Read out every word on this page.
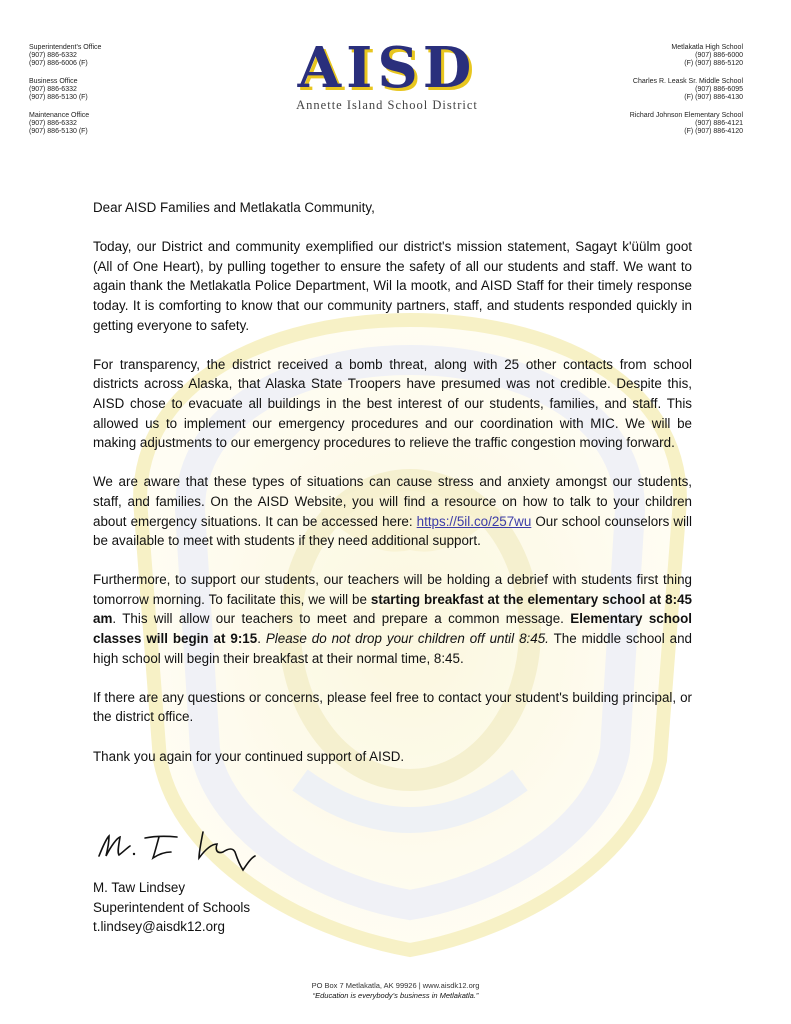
Superintendent's Office
(907) 886-6332
(907) 886-6006 (F)
Business Office
(907) 886-6332
(907) 886-5130 (F)
Maintenance Office
(907) 886-6332
(907) 886-5130 (F)
AISD
Annette Island School District
Metlakatla High School
(907) 886-6000
(F) (907) 886-5120
Charles R. Leask Sr. Middle School
(907) 886-6095
(F) (907) 886-4130
Richard Johnson Elementary School
(907) 886-4121
(F) (907) 886-4120

Dear AISD Families and Metlakatla Community,

Today, our District and community exemplified our district's mission statement, Sagayt k'üülm goot (All of One Heart), by pulling together to ensure the safety of all our students and staff. We want to again thank the Metlakatla Police Department, Wil la mootk, and AISD Staff for their timely response today. It is comforting to know that our community partners, staff, and students responded quickly in getting everyone to safety.

For transparency, the district received a bomb threat, along with 25 other contacts from school districts across Alaska, that Alaska State Troopers have presumed was not credible. Despite this, AISD chose to evacuate all buildings in the best interest of our students, families, and staff. This allowed us to implement our emergency procedures and our coordination with MIC. We will be making adjustments to our emergency procedures to relieve the traffic congestion moving forward.

We are aware that these types of situations can cause stress and anxiety amongst our students, staff, and families. On the AISD Website, you will find a resource on how to talk to your children about emergency situations. It can be accessed here: https://5il.co/257wu Our school counselors will be available to meet with students if they need additional support.

Furthermore, to support our students, our teachers will be holding a debrief with students first thing tomorrow morning. To facilitate this, we will be starting breakfast at the elementary school at 8:45 am. This will allow our teachers to meet and prepare a common message. Elementary school classes will begin at 9:15. Please do not drop your children off until 8:45. The middle school and high school will begin their breakfast at their normal time, 8:45.

If there are any questions or concerns, please feel free to contact your student's building principal, or the district office.

Thank you again for your continued support of AISD.

M. Taw Lindsey
Superintendent of Schools
t.lindsey@aisdk12.org
PO Box 7 Metlakatla, AK 99926 | www.aisdk12.org
“Education is everybody’s business in Metlakatla.”
